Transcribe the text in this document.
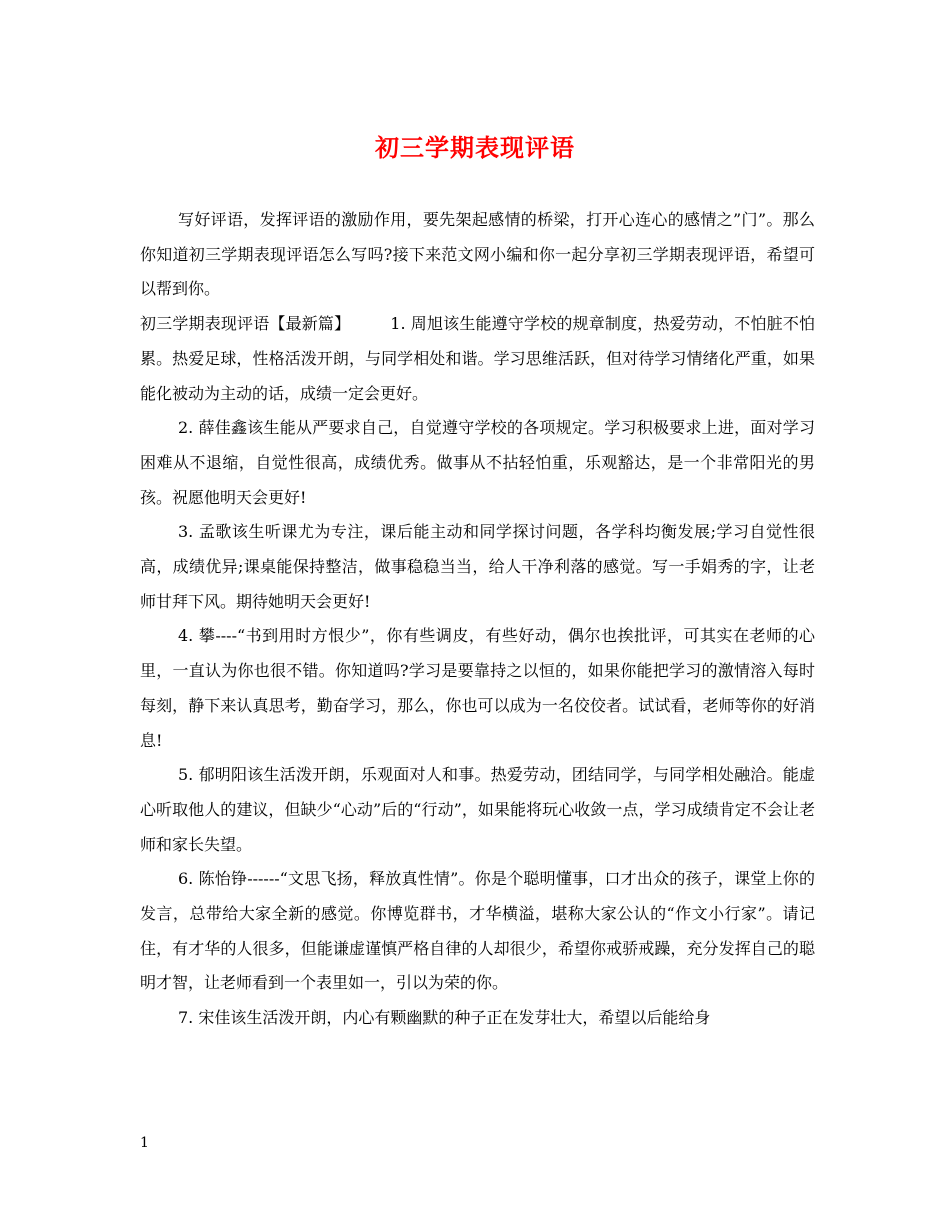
初三学期表现评语

写好评语，发挥评语的激励作用，要先架起感情的桥梁，打开心连心的感情之”门”。那么你知道初三学期表现评语怎么写吗?接下来范文网小编和你一起分享初三学期表现评语，希望可以帮到你。

初三学期表现评语【最新篇】	1. 周旭该生能遵守学校的规章制度，热爱劳动，不怕脏不怕累。热爱足球，性格活泼开朗，与同学相处和谐。学习思维活跃，但对待学习情绪化严重，如果能化被动为主动的话，成绩一定会更好。

2. 薛佳鑫该生能从严要求自己，自觉遵守学校的各项规定。学习积极要求上进，面对学习困难从不退缩，自觉性很高，成绩优秀。做事从不拈轻怕重，乐观豁达，是一个非常阳光的男孩。祝愿他明天会更好!

3. 孟歌该生听课尤为专注，课后能主动和同学探讨问题，各学科均衡发展;学习自觉性很高，成绩优异;课桌能保持整洁，做事稳稳当当，给人干净利落的感觉。写一手娟秀的字，让老师甘拜下风。期待她明天会更好!

4. 攀----“书到用时方恨少”，你有些调皮，有些好动，偶尔也挨批评，可其实在老师的心里，一直认为你也很不错。你知道吗?学习是要靠持之以恒的，如果你能把学习的激情溶入每时每刻，静下来认真思考，勤奋学习，那么，你也可以成为一名佼佼者。试试看，老师等你的好消息!

5. 郁明阳该生活泼开朗，乐观面对人和事。热爱劳动，团结同学，与同学相处融洽。能虚心听取他人的建议，但缺少“心动”后的“行动”，如果能将玩心收敛一点，学习成绩肯定不会让老师和家长失望。

6. 陈怡铮------“文思飞扬，释放真性情”。你是个聪明懂事，口才出众的孩子，课堂上你的发言，总带给大家全新的感觉。你博览群书，才华横溢，堪称大家公认的“作文小行家”。请记住，有才华的人很多，但能谦虚谨慎严格自律的人却很少，希望你戒骄戒躁，充分发挥自己的聪明才智，让老师看到一个表里如一，引以为荣的你。

7. 宋佳该生活泼开朗，内心有颗幽默的种子正在发芽壮大，希望以后能给身

1
